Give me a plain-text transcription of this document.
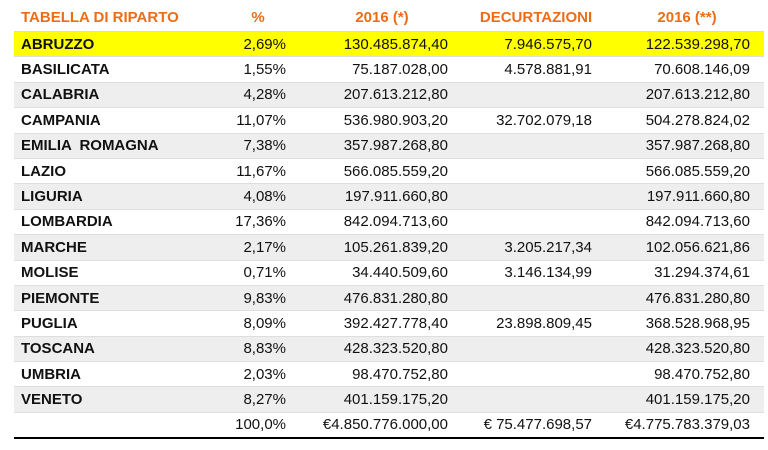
TABELLA DI RIPARTO	%	2016 (*)	DECURTAZIONI	2016 (**)
ABRUZZO	2,69%	130.485.874,40	7.946.575,70	122.539.298,70
BASILICATA	1,55%	75.187.028,00	4.578.881,91	70.608.146,09
CALABRIA	4,28%	207.613.212,80		207.613.212,80
CAMPANIA	11,07%	536.980.903,20	32.702.079,18	504.278.824,02
EMILIA ROMAGNA	7,38%	357.987.268,80		357.987.268,80
LAZIO	11,67%	566.085.559,20		566.085.559,20
LIGURIA	4,08%	197.911.660,80		197.911.660,80
LOMBARDIA	17,36%	842.094.713,60		842.094.713,60
MARCHE	2,17%	105.261.839,20	3.205.217,34	102.056.621,86
MOLISE	0,71%	34.440.509,60	3.146.134,99	31.294.374,61
PIEMONTE	9,83%	476.831.280,80		476.831.280,80
PUGLIA	8,09%	392.427.778,40	23.898.809,45	368.528.968,95
TOSCANA	8,83%	428.323.520,80		428.323.520,80
UMBRIA	2,03%	98.470.752,80		98.470.752,80
VENETO	8,27%	401.159.175,20		401.159.175,20
	100,0%	€4.850.776.000,00	€ 75.477.698,57	€4.775.783.379,03
